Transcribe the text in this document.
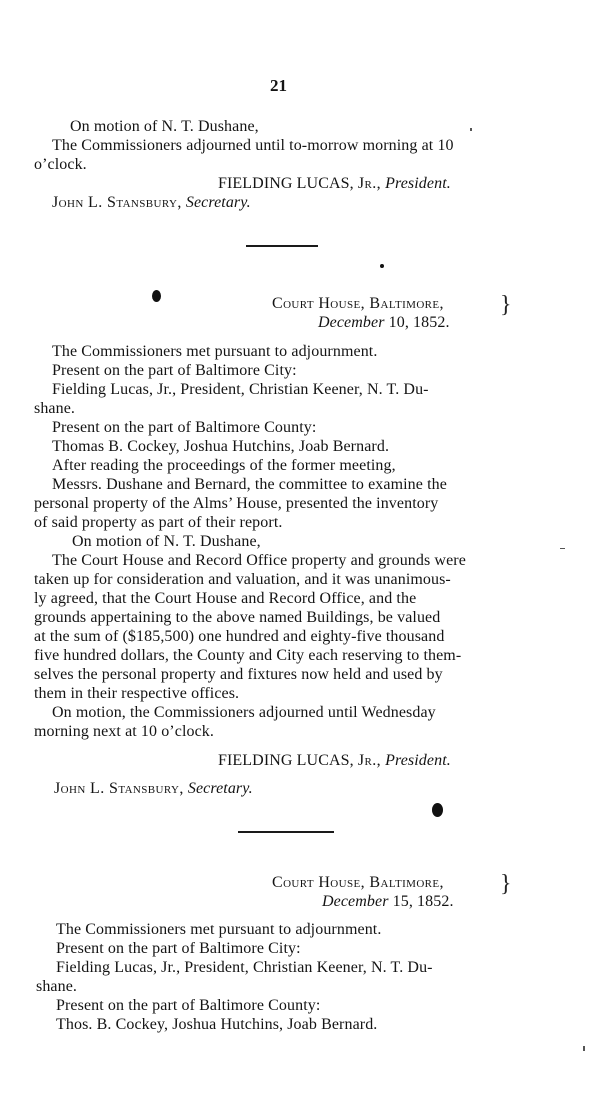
21
On motion of N. T. Dushane,
The Commissioners adjourned until to-morrow morning at 10
o’clock.
FIELDING LUCAS, Jr., President.
John L. Stansbury, Secretary.
Court House, Baltimore,
December 10, 1852.
}
The Commissioners met pursuant to adjournment.
Present on the part of Baltimore City:
Fielding Lucas, Jr., President, Christian Keener, N. T. Du-
shane.
Present on the part of Baltimore County:
Thomas B. Cockey, Joshua Hutchins, Joab Bernard.
After reading the proceedings of the former meeting,
Messrs. Dushane and Bernard, the committee to examine the
personal property of the Alms’ House, presented the inventory
of said property as part of their report.
On motion of N. T. Dushane,
The Court House and Record Office property and grounds were
taken up for consideration and valuation, and it was unanimous-
ly agreed, that the Court House and Record Office, and the
grounds appertaining to the above named Buildings, be valued
at the sum of ($185,500) one hundred and eighty-five thousand
five hundred dollars, the County and City each reserving to them-
selves the personal property and fixtures now held and used by
them in their respective offices.
On motion, the Commissioners adjourned until Wednesday
morning next at 10 o’clock.
FIELDING LUCAS, Jr., President.
John L. Stansbury, Secretary.
Court House, Baltimore,
December 15, 1852.
}
The Commissioners met pursuant to adjournment.
Present on the part of Baltimore City:
Fielding Lucas, Jr., President, Christian Keener, N. T. Du-
shane.
Present on the part of Baltimore County:
Thos. B. Cockey, Joshua Hutchins, Joab Bernard.
